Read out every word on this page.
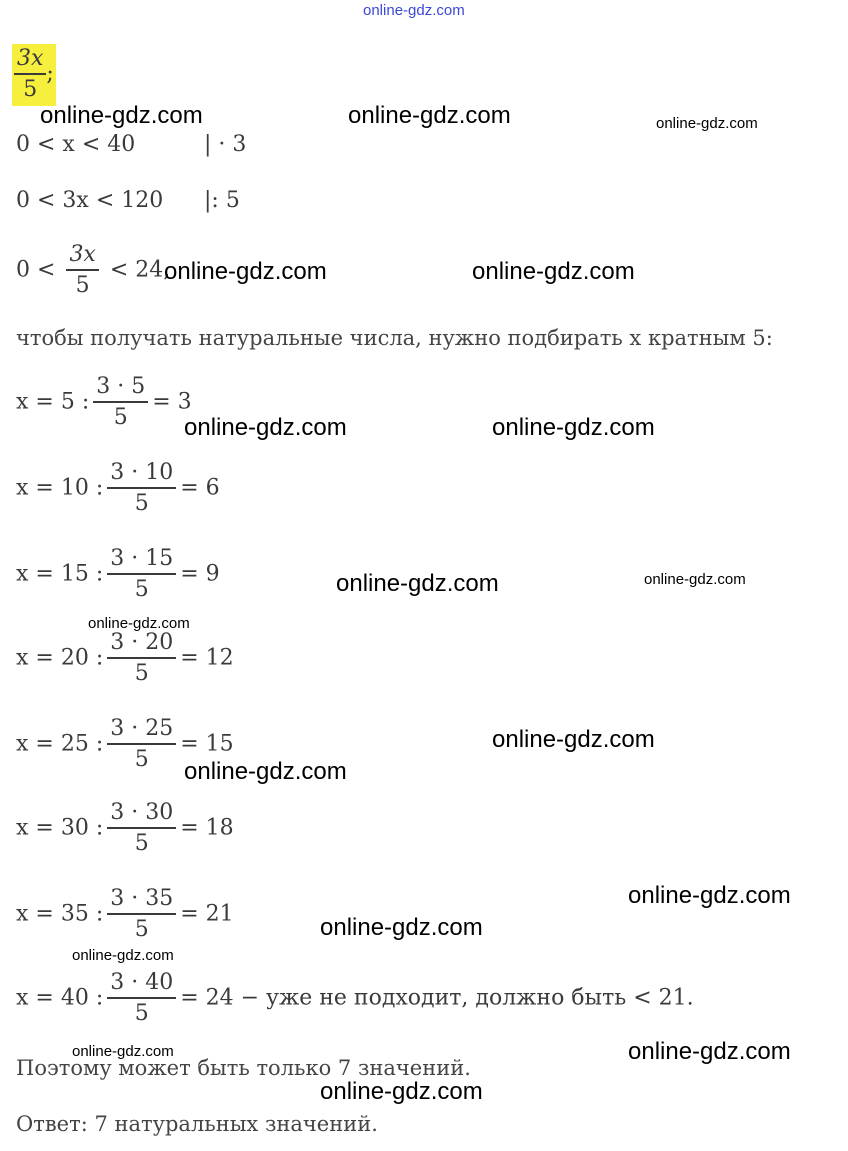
online-gdz.com
$\frac{3x}{5}$ ;
0 < x < 40	| · 3
0 < 3x < 120 |: 5
$0 < \frac{3x}{5} < 24$,
чтобы получать натуральные числа, нужно подбирать x кратным 5:
x = 5 : $\frac{3 \cdot 5}{5} = 3$
x = 10 : $\frac{3 \cdot 10}{5} = 6$
x = 15 : $\frac{3 \cdot 15}{5} = 9$
x = 20 : $\frac{3 \cdot 20}{5} = 12$
x = 25 : $\frac{3 \cdot 25}{5} = 15$
x = 30 : $\frac{3 \cdot 30}{5} = 18$
x = 35 : $\frac{3 \cdot 35}{5} = 21$
x = 40 : $\frac{3 \cdot 40}{5} = 24$ − уже не подходит, должно быть < 21.
Поэтому может быть только 7 значений.
Ответ: 7 натуральных значений.
online-gdz.com	online-gdz.com	online-gdz.com
online-gdz.com	online-gdz.com
online-gdz.com	online-gdz.com
online-gdz.com	online-gdz.com
online-gdz.com
online-gdz.com
online-gdz.com
online-gdz.com
online-gdz.com
online-gdz.com
online-gdz.com	online-gdz.com
online-gdz.com
